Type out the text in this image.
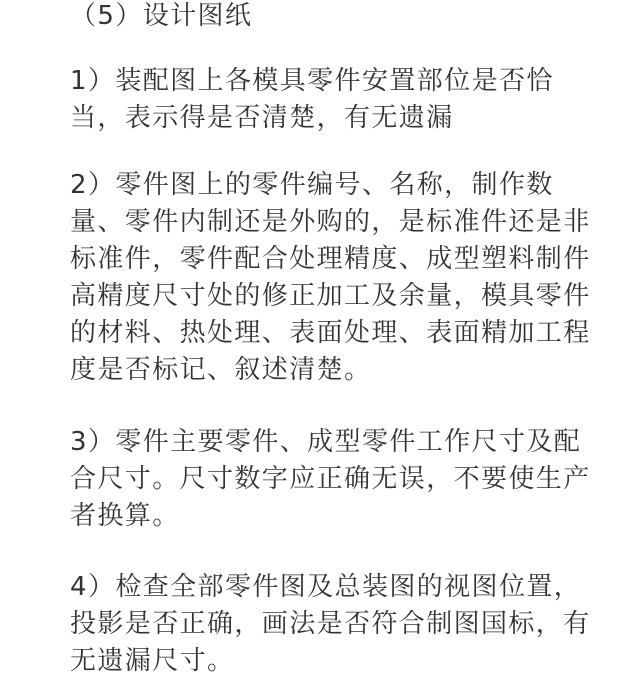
（5）设计图纸

1）装配图上各模具零件安置部位是否恰
当，表示得是否清楚，有无遗漏

2）零件图上的零件编号、名称，制作数
量、零件内制还是外购的，是标准件还是非
标准件，零件配合处理精度、成型塑料制件
高精度尺寸处的修正加工及余量，模具零件
的材料、热处理、表面处理、表面精加工程
度是否标记、叙述清楚。

3）零件主要零件、成型零件工作尺寸及配
合尺寸。尺寸数字应正确无误，不要使生产
者换算。

4）检查全部零件图及总装图的视图位置，
投影是否正确，画法是否符合制图国标，有
无遗漏尺寸。
